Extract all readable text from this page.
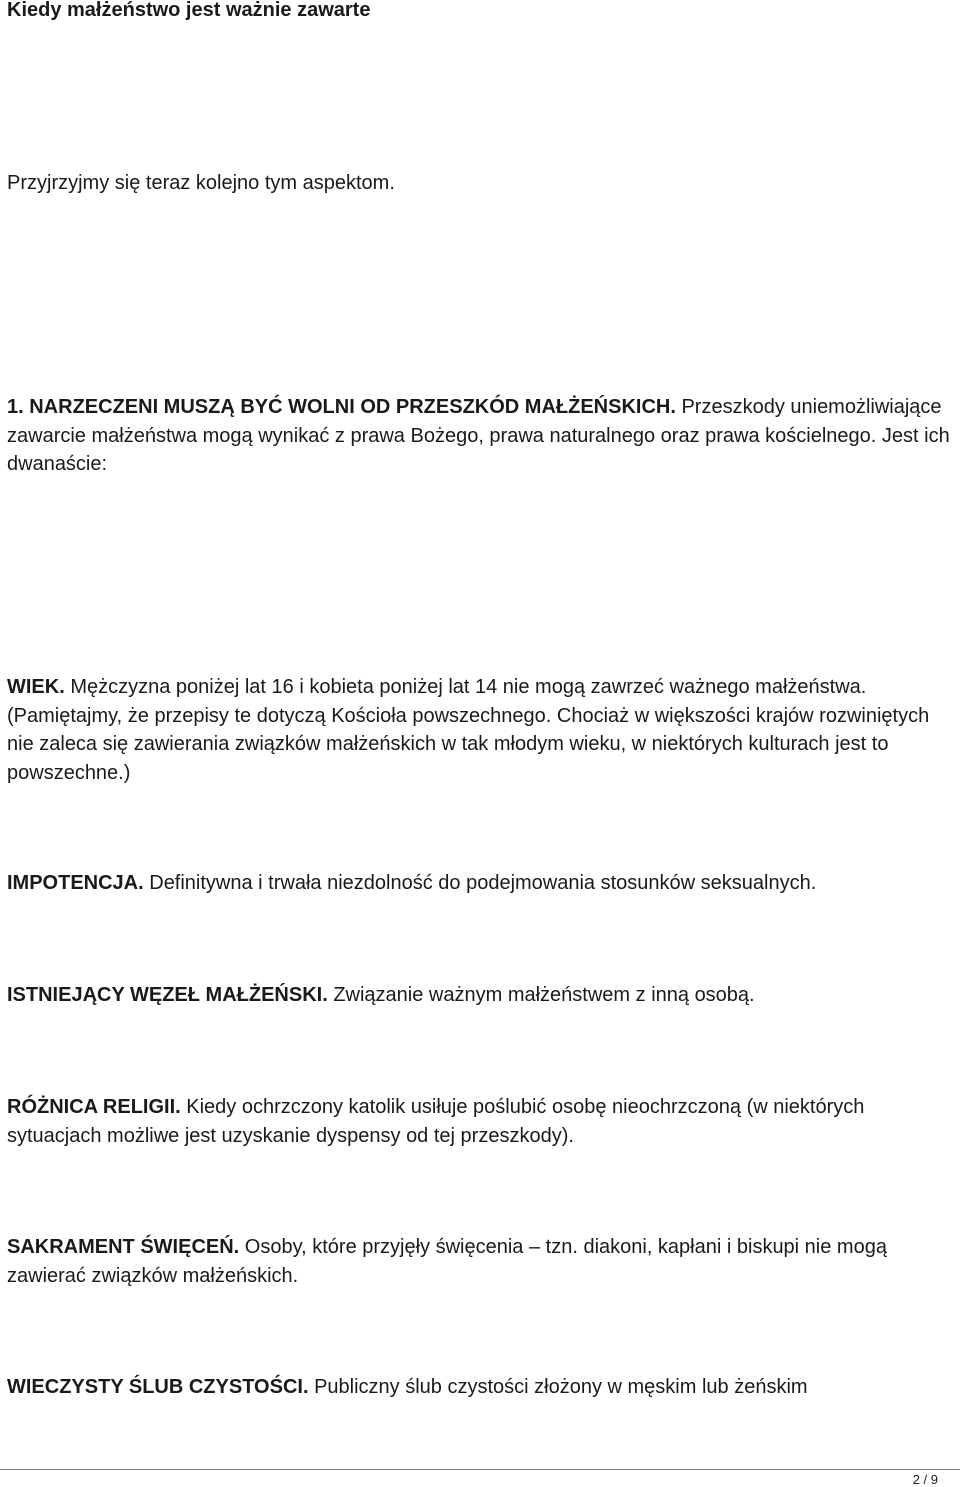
Kiedy małżeństwo jest ważnie zawarte

Przyjrzyjmy się teraz kolejno tym aspektom.

1. NARZECZENI MUSZĄ BYĆ WOLNI OD PRZESZKÓD MAŁŻEŃSKICH. Przeszkody uniemożliwiające zawarcie małżeństwa mogą wynikać z prawa Bożego, prawa naturalnego oraz prawa kościelnego. Jest ich dwanaście:

WIEK. Mężczyzna poniżej lat 16 i kobieta poniżej lat 14 nie mogą zawrzeć ważnego małżeństwa. (Pamiętajmy, że przepisy te dotyczą Kościoła powszechnego. Chociaż w większości krajów rozwiniętych nie zaleca się zawierania związków małżeńskich w tak młodym wieku, w niektórych kulturach jest to powszechne.)

IMPOTENCJA. Definitywna i trwała niezdolność do podejmowania stosunków seksualnych.

ISTNIEJĄCY WĘZEŁ MAŁŻEŃSKI. Związanie ważnym małżeństwem z inną osobą.

RÓŻNICA RELIGII. Kiedy ochrzczony katolik usiłuje poślubić osobę nieochrzczoną (w niektórych sytuacjach możliwe jest uzyskanie dyspensy od tej przeszkody).

SAKRAMENT ŚWIĘCEŃ. Osoby, które przyjęły święcenia – tzn. diakoni, kapłani i biskupi nie mogą zawierać związków małżeńskich.

WIECZYSTY ŚLUB CZYSTOŚCI. Publiczny ślub czystości złożony w męskim lub żeńskim

2 / 9
